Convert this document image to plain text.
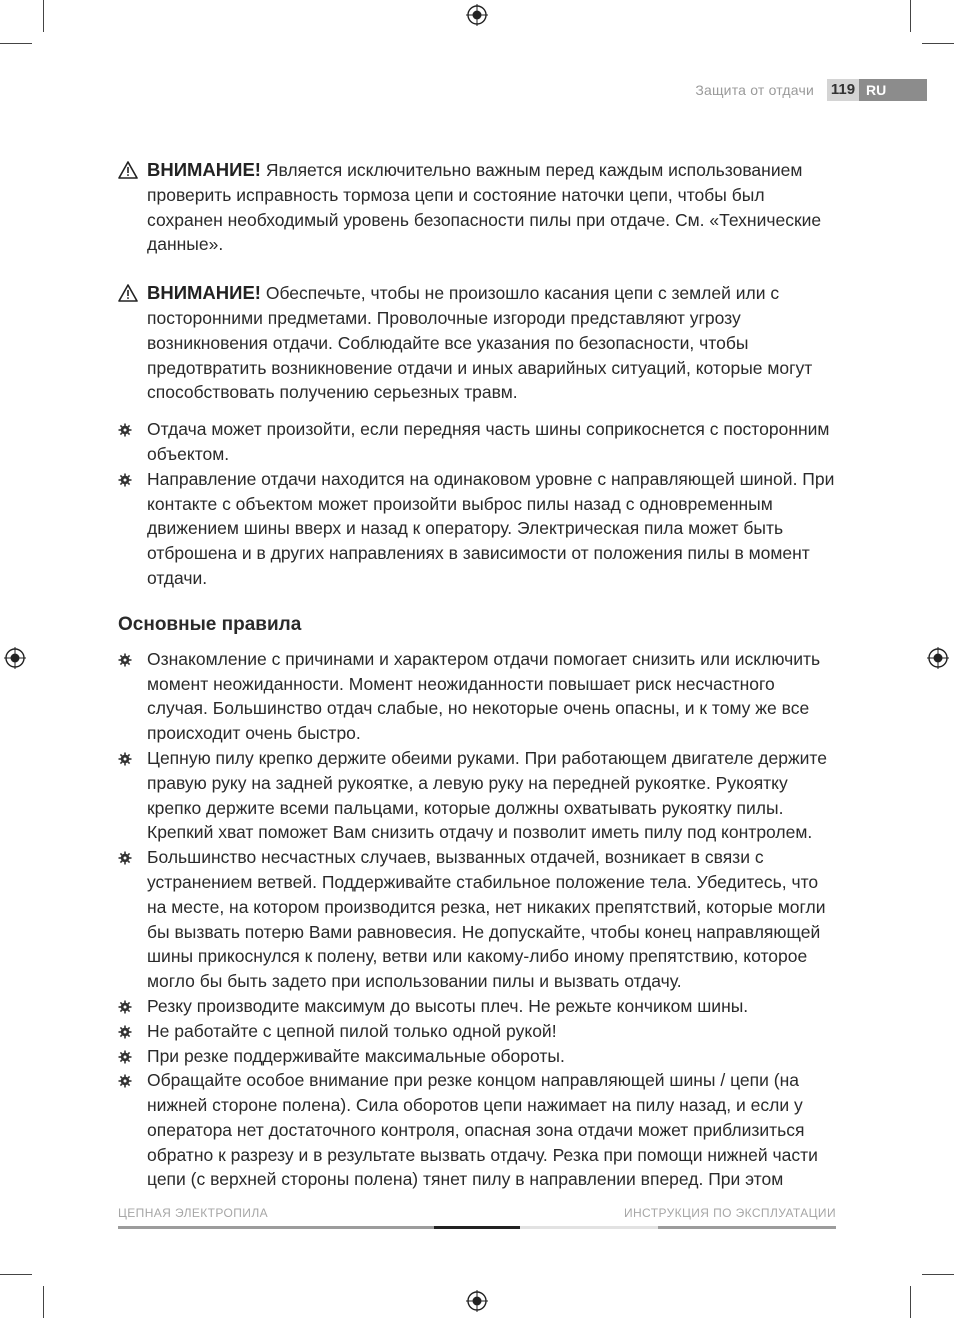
Защита от отдачи 119 RU
ВНИМАНИЕ! Является исключительно важным перед каждым использованием проверить исправность тормоза цепи и состояние наточки цепи, чтобы был сохранен необходимый уровень безопасности пилы при отдаче. См. «Технические данные».
ВНИМАНИЕ! Обеспечьте, чтобы не произошло касания цепи с землей или с посторонними предметами. Проволочные изгороди представляют угрозу возникновения отдачи. Соблюдайте все указания по безопасности, чтобы предотвратить возникновение отдачи и иных аварийных ситуаций, которые могут способствовать получению серьезных травм.
Отдача может произойти, если передняя часть шины соприкоснется с посторонним объектом.
Направление отдачи находится на одинаковом уровне с направляющей шиной. При контакте с объектом может произойти выброс пилы назад с одновременным движением шины вверх и назад к оператору. Электрическая пила может быть отброшена и в других направлениях в зависимости от положения пилы в момент отдачи.
Основные правила
Ознакомление с причинами и характером отдачи помогает снизить или исключить момент неожиданности. Момент неожиданности повышает риск несчастного случая. Большинство отдач слабые, но некоторые очень опасны, и к тому же все происходит очень быстро.
Цепную пилу крепко держите обеими руками. При работающем двигателе держите правую руку на задней рукоятке, а левую руку на передней рукоятке. Рукоятку крепко держите всеми пальцами, которые должны охватывать рукоятку пилы. Крепкий хват поможет Вам снизить отдачу и позволит иметь пилу под контролем.
Большинство несчастных случаев, вызванных отдачей, возникает в связи с устранением ветвей. Поддерживайте стабильное положение тела. Убедитесь, что на месте, на котором производится резка, нет никаких препятствий, которые могли бы вызвать потерю Вами равновесия. Не допускайте, чтобы конец направляющей шины прикоснулся к полену, ветви или какому-либо иному препятствию, которое могло бы быть задето при использовании пилы и вызвать отдачу.
Резку производите максимум до высоты плеч. Не режьте кончиком шины.
Не работайте с цепной пилой только одной рукой!
При резке поддерживайте максимальные обороты.
Обращайте особое внимание при резке концом направляющей шины / цепи (на нижней стороне полена). Сила оборотов цепи нажимает на пилу назад, и если у оператора нет достаточного контроля, опасная зона отдачи может приблизиться обратно к разрезу и в результате вызвать отдачу. Резка при помощи нижней части цепи (с верхней стороны полена) тянет пилу в направлении вперед. При этом
ЦЕПНАЯ ЭЛЕКТРОПИЛА	ИНСТРУКЦИЯ ПО ЭКСПЛУАТАЦИИ
